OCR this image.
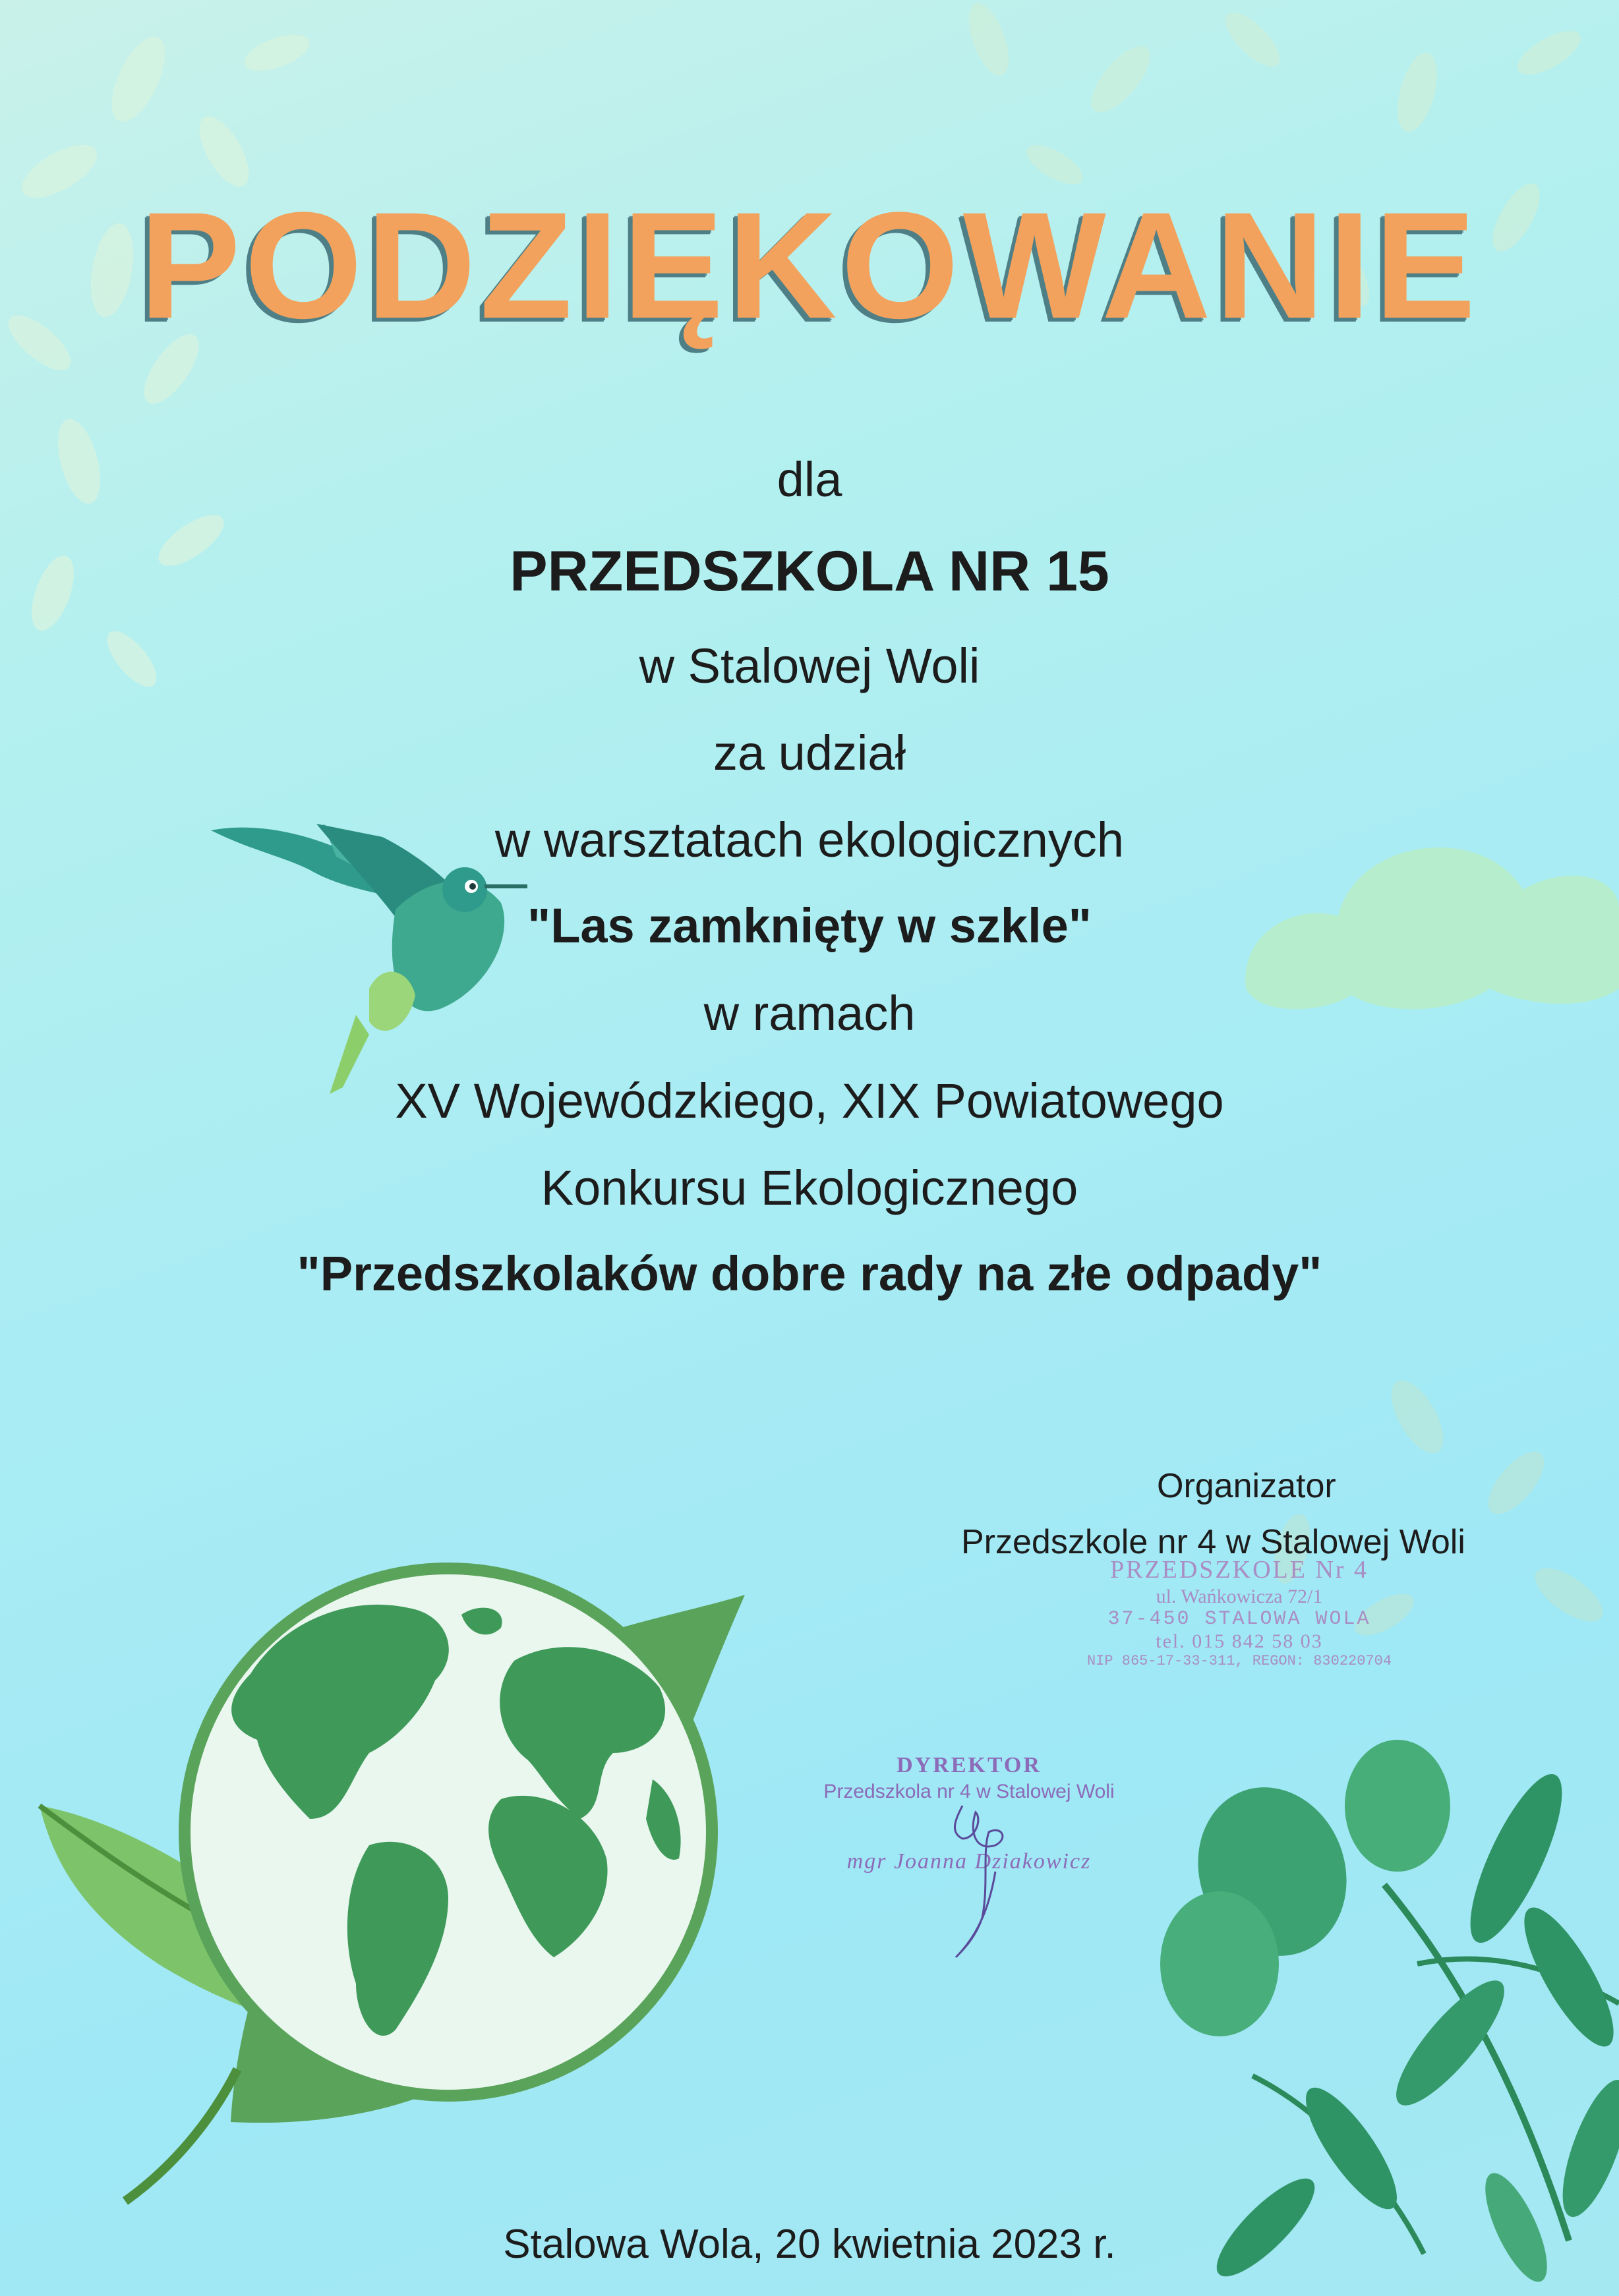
PODZIĘKOWANIE
dla
PRZEDSZKOLA NR 15
w Stalowej Woli
za udział
w warsztatach ekologicznych
"Las zamknięty w szkle"
w ramach
XV Wojewódzkiego, XIX Powiatowego
Konkursu Ekologicznego
"Przedszkolaków dobre rady na złe odpady"
Organizator
Przedszkole nr 4 w Stalowej Woli
PRZEDSZKOLE Nr 4
ul. Wańkowicza 72/1
37-450 STALOWA WOLA
tel. 015 842 58 03
NIP 865-17-33-311, REGON: 830220704
DYREKTOR
Przedszkola nr 4 w Stalowej Woli
mgr Joanna Dziakowicz
Stalowa Wola, 20 kwietnia 2023 r.
